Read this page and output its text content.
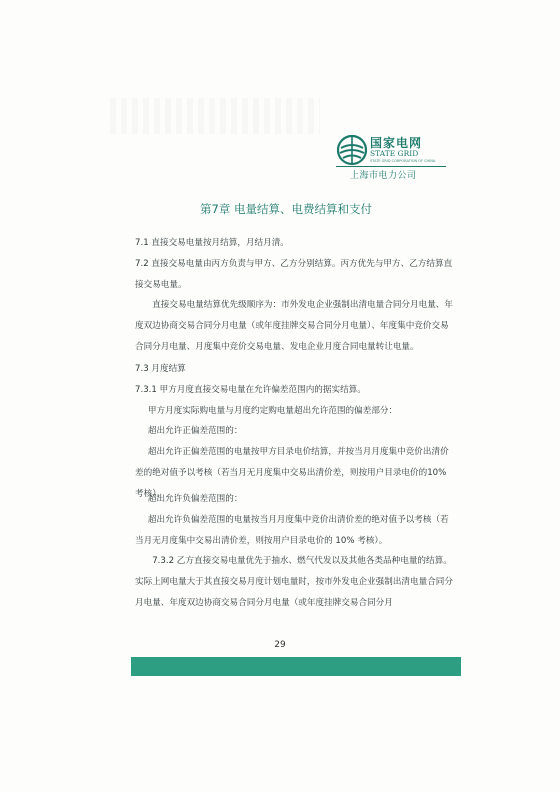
国家电网
STATE GRID
STATE GRID CORPORATION OF CHINA
上海市电力公司
第7章 电量结算、电费结算和支付

7.1 直接交易电量按月结算，月结月清。

7.2 直接交易电量由丙方负责与甲方、乙方分别结算。丙方优先与甲方、乙方结算直接交易电量。

直接交易电量结算优先级顺序为：市外发电企业强制出清电量合同分月电量、年度双边协商交易合同分月电量（或年度挂牌交易合同分月电量）、年度集中竞价交易合同分月电量、月度集中竞价交易电量、发电企业月度合同电量转让电量。

7.3 月度结算

7.3.1 甲方月度直接交易电量在允许偏差范围内的据实结算。

甲方月度实际购电量与月度约定购电量超出允许范围的偏差部分：

超出允许正偏差范围的：

超出允许正偏差范围的电量按甲方目录电价结算，并按当月月度集中竞价出清价差的绝对值予以考核（若当月无月度集中交易出清价差，则按用户目录电价的10% 考核）。

超出允许负偏差范围的：

超出允许负偏差范围的电量按当月月度集中竞价出清价差的绝对值予以考核（若当月无月度集中交易出清价差，则按用户目录电价的 10% 考核）。

7.3.2 乙方直接交易电量优先于抽水、燃气代发以及其他各类品种电量的结算。实际上网电量大于其直接交易月度计划电量时，按市外发电企业强制出清电量合同分月电量、年度双边协商交易合同分月电量（或年度挂牌交易合同分月

29
